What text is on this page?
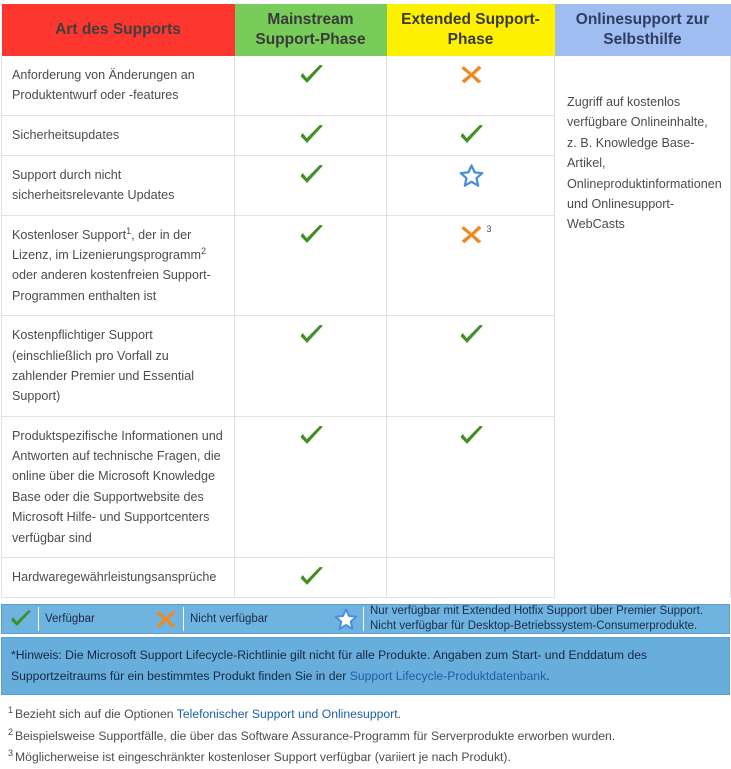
Art des Supports	Mainstream Support-Phase	Extended Support-Phase	Onlinesupport zur Selbsthilfe
Anforderung von Änderungen an Produktentwurf oder -features			Zugriff auf kostenlos verfügbare Onlineinhalte, z. B. Knowledge Base-Artikel, Onlineproduktinformationen und Onlinesupport-WebCasts
Sicherheitsupdates	

Support durch nicht sicherheitsrelevante Updates	

Kostenloser Support$^1$, der in der Lizenz, im Lizenierungsprogramm$^2$ oder anderen kostenfreien Support-Programmen enthalten ist		3	

Kostenpflichtiger Support (einschließlich pro Vorfall zu zahlender Premier und Essential Support)	

Produktspezifische Informationen und Antworten auf technische Fragen, die online über die Microsoft Knowledge Base oder die Supportwebsite des Microsoft Hilfe- und Supportcenters verfügbar sind	

Hardwaregewährleistungsansprüche	

Verfügbar	Nicht verfügbar
Nur verfügbar mit Extended Hotfix Support über Premier Support.
Nicht verfügbar für Desktop-Betriebssystem-Consumerprodukte.
*Hinweis: Die Microsoft Support Lifecycle-Richtlinie gilt nicht für alle Produkte. Angaben zum Start- und Enddatum des Supportzeitraums für ein bestimmtes Produkt finden Sie in der Support Lifecycle-Produktdatenbank.
$^1$ Bezieht sich auf die Optionen Telefonischer Support und Onlinesupport.
$^2$ Beispielsweise Supportfälle, die über das Software Assurance-Programm für Serverprodukte erworben wurden.
$^3$ Möglicherweise ist eingeschränkter kostenloser Support verfügbar (variiert je nach Produkt).
